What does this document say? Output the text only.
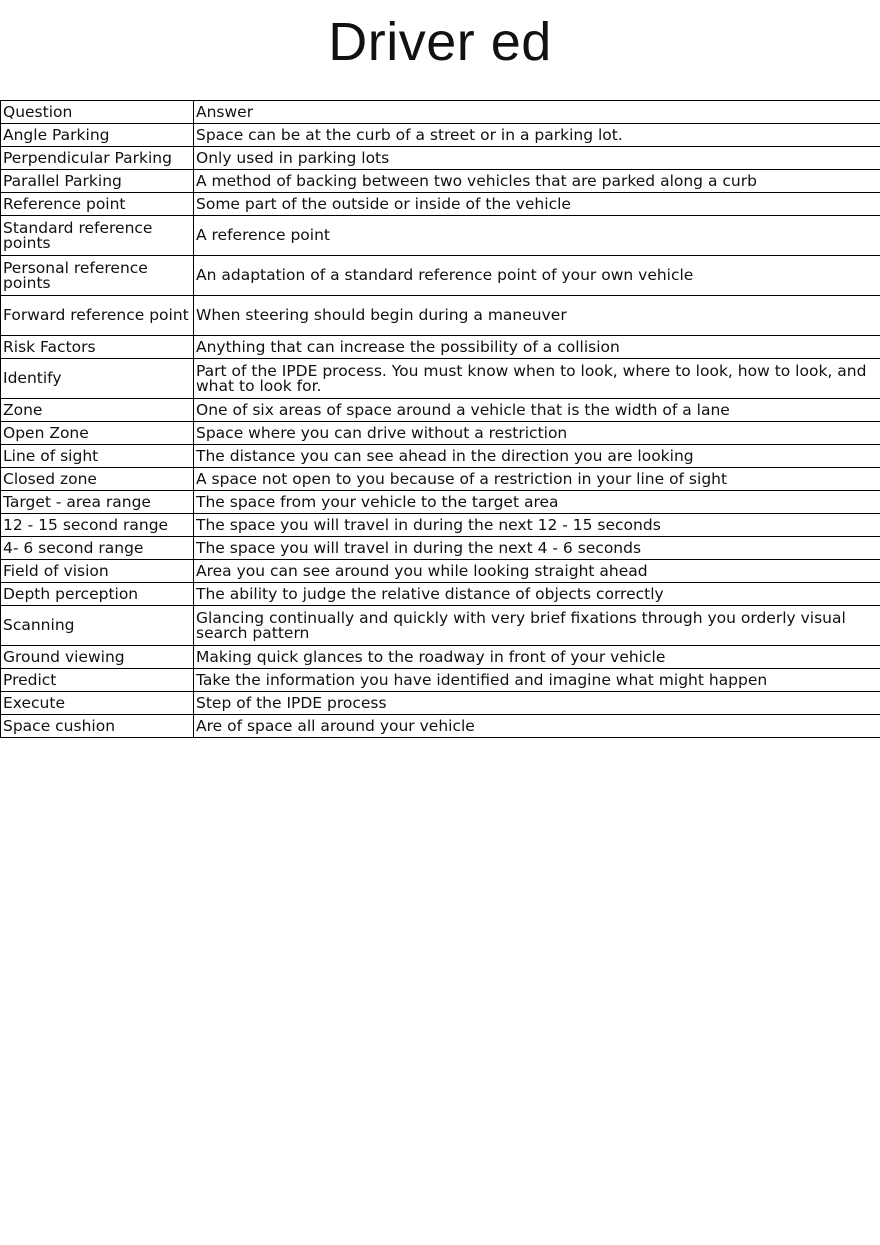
Driver ed
Question	Answer
Angle Parking	Space can be at the curb of a street or in a parking lot.
Perpendicular Parking	Only used in parking lots
Parallel Parking	A method of backing between two vehicles that are parked along a curb
Reference point	Some part of the outside or inside of the vehicle
Standard reference points	A reference point
Personal reference points	An adaptation of a standard reference point of your own vehicle
Forward reference point	When steering should begin during a maneuver
Risk Factors	Anything that can increase the possibility of a collision
Identify	Part of the IPDE process. You must know when to look, where to look, how to look, and what to look for.
Zone	One of six areas of space around a vehicle that is the width of a lane
Open Zone	Space where you can drive without a restriction
Line of sight	The distance you can see ahead in the direction you are looking
Closed zone	A space not open to you because of a restriction in your line of sight
Target - area range	The space from your vehicle to the target area
12 - 15 second range	The space you will travel in during the next 12 - 15 seconds
4- 6 second range	The space you will travel in during the next 4 - 6 seconds
Field of vision	Area you can see around you while looking straight ahead
Depth perception	The ability to judge the relative distance of objects correctly
Scanning	Glancing continually and quickly with very brief fixations through you orderly visual search pattern
Ground viewing	Making quick glances to the roadway in front of your vehicle
Predict	Take the information you have identified and imagine what might happen
Execute	Step of the IPDE process
Space cushion	Are of space all around your vehicle
